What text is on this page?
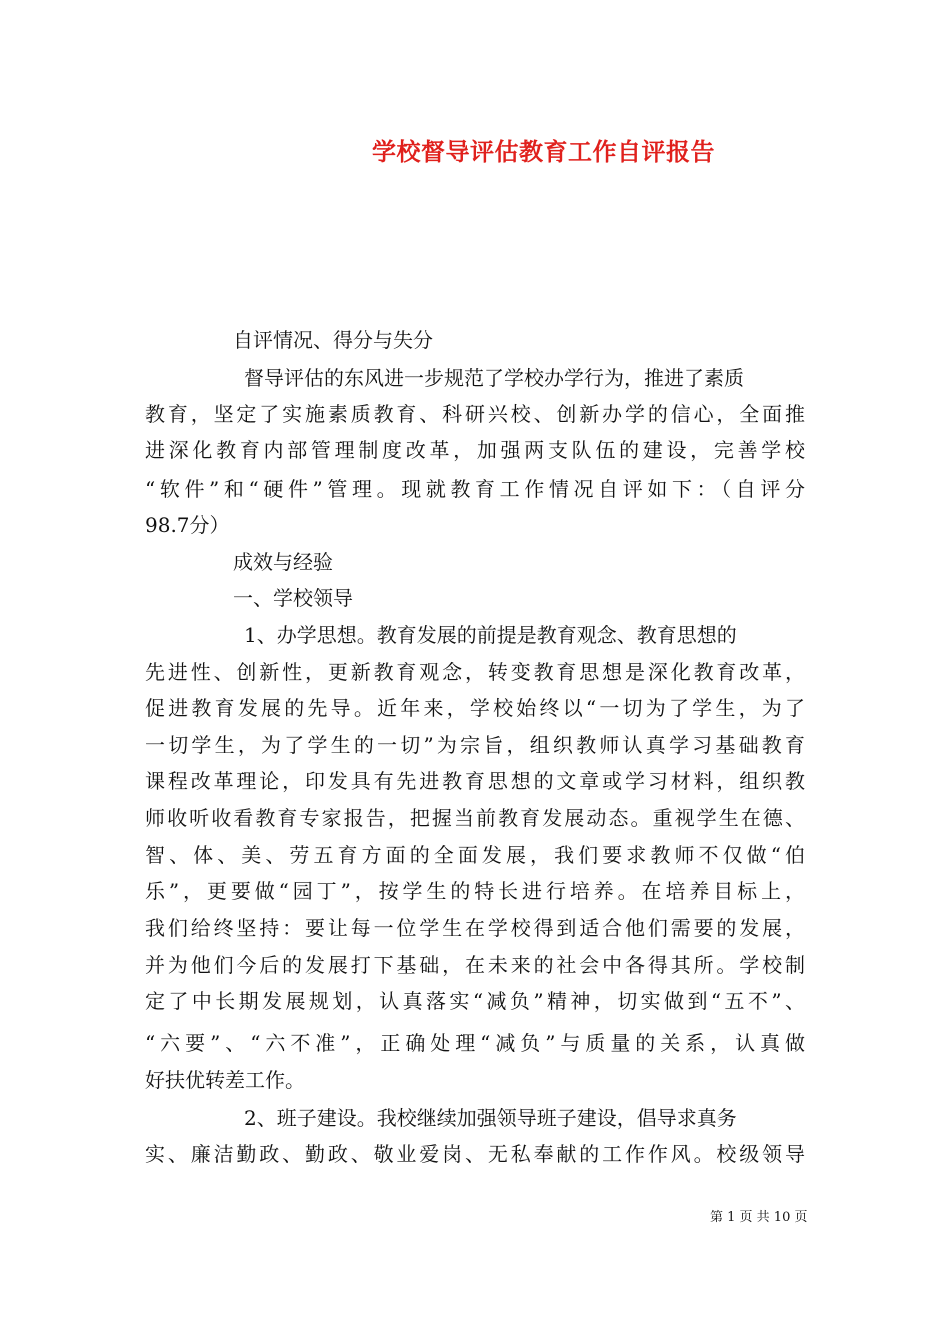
学校督导评估教育工作自评报告
自评情况、得分与失分
督导评估的东风进一步规范了学校办学行为，推进了素质
教育，坚定了实施素质教育、科研兴校、创新办学的信心，全面推
进深化教育内部管理制度改革，加强两支队伍的建设，完善学校
“软件”和“硬件”管理。现就教育工作情况自评如下：（自评分
98.7分）
成效与经验
一、学校领导
1、办学思想。教育发展的前提是教育观念、教育思想的
先进性、创新性，更新教育观念，转变教育思想是深化教育改革，
促进教育发展的先导。近年来，学校始终以“一切为了学生，为了
一切学生，为了学生的一切”为宗旨，组织教师认真学习基础教育
课程改革理论，印发具有先进教育思想的文章或学习材料，组织教
师收听收看教育专家报告，把握当前教育发展动态。重视学生在德、
智、体、美、劳五育方面的全面发展，我们要求教师不仅做“伯
乐”，更要做“园丁”，按学生的特长进行培养。在培养目标上，
我们给终坚持：要让每一位学生在学校得到适合他们需要的发展，
并为他们今后的发展打下基础，在未来的社会中各得其所。学校制
定了中长期发展规划，认真落实“减负”精神，切实做到“五不”、
“六要”、“六不准”，正确处理“减负”与质量的关系，认真做
好扶优转差工作。
2、班子建设。我校继续加强领导班子建设，倡导求真务
实、廉洁勤政、勤政、敬业爱岗、无私奉献的工作作风。校级领导
第 1 页 共 10 页
